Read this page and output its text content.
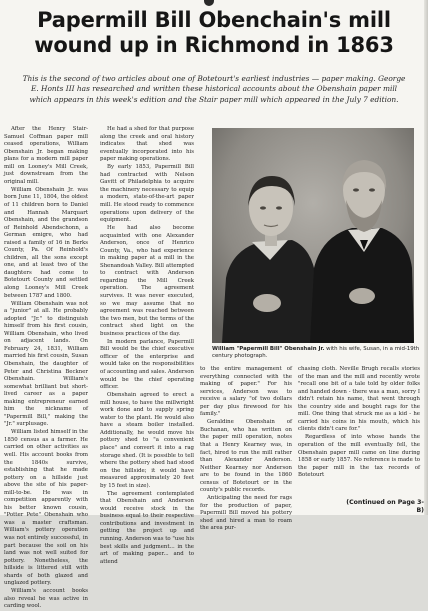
Papermill Bill Obenchain's mill
wound up in Richmond in 1863

This is the second of two articles about one of Botetourt's earliest industries — paper making. George E. Honts III has researched and written these historical accounts about the Obenshain paper mill which appears in this week's edition and the Stair paper mill which appeared in the July 7 edition.

After the Henry Stair-Samuel Coffman paper mill ceased operations, William Obenshain Jr. began making plans for a modern mill paper mill on Looney's Mill Creek, just downstream from the original mill.

William Obenshain Jr. was born June 11, 1804, the oldest of 11 children born to Daniel and Hannah Marquart Obenshain, and the grandson of Reinhold Abendschonn, a German emigre, who had raised a family of 16 in Berks County, Pa. Of Reinhold's children, all the sons except one, and at least two of the daughters had come to Botetourt County and settled along Looney's Mill Creek between 1787 and 1800.

William Obenshain was not a "junior" at all. He probably adopted "Jr." to distinguish himself from his first cousin, William Obenshain, who lived on adjacent lands. On February 24, 1831, William married his first cousin, Susan Obenshain, the daughter of Peter and Christina Beckner Obenshain. William's somewhat brilliant but short-lived career as a paper making entrepreneur earned him the nickname of "Papermill Bill," making the "Jr." surplusage.

William listed himself in the 1850 census as a farmer. He carried on other activities as well. His account books from the 1840s survive, establishing that he made pottery on a hillside just above the site of his paper-mill-to-be. He was in competition apparently with his better known cousin, "Potter Pete" Obenshain who was a master craftsman. William's pottery operation was not entirely successful, in part because the soil on his land was not well suited for pottery. Nonetheless, the hillside is littered still with shards of both glazed and unglazed pottery.

William's account books also reveal he was active in carding wool.

He had a shed for that purpose along the creek and oral history indicates that shed was eventually incorporated into his paper making operations.

By early 1853, Papermill Bill had contracted with Nelson Gavitt of Philadelphia to acquire the machinery necessary to equip a modern, state-of-the-art paper mill. He stood ready to commence operations upon delivery of the equipment.

He had also become acquainted with one Alexander Anderson, once of Henrico County, Va., who had experience in making paper at a mill in the Shenandoah Valley. Bill attempted to contract with Anderson regarding the Mill Creek operation. The agreement survives. It was never executed, so we may assume that no agreement was reached between the two men, but the terms of the contract shed light on the business practices of the day.

In modern parlance, Papermill Bill would be the chief executive officer of the enterprise and would take on the responsibilities of accounting and sales. Anderson would be the chief operating officer.

Obenshain agreed to erect a mill house, to have the millwright work done and to supply spring water to the plant. He would also have a steam boiler installed. Additionally, he would move his pottery shed to "a convenient place" and convert it into a rag storage shed. (It is possible to tell where the pottery shed had stood on the hillside; it would have measured approximately 20 feet by 15 feet in size).

The agreement contemplated that Obenshain and Anderson would receive stock in the business equal to their respective contributions and investment in getting the project up and running. Anderson was to "use his best skills and judgment... in the art of making paper... and to attend

William "Papermill Bill" Obenshain Jr. with his wife, Susan, in a mid-19th century photograph.

to the entire management of everything connected with the making of paper." For his services, Anderson was to receive a salary "of two dollars per day plus firewood for his family."

Geraldine Obenshain of Buchanan, who has written on the paper mill operation, notes that a Henry Kearney was, in fact, hired to run the mill rather than Alexander Anderson. Neither Kearney nor Anderson are to be found in the 1860 census of Botetourt or in the county's public records.

Anticipating the need for rags for the production of paper, Papermill Bill moved his pottery shed and hired a man to roam the area pur-

chasing cloth. Neville Brugh recalls stories of the man and the mill and recently wrote "recall one bit of a tale told by older folks and handed down - there was a man, sorry I didn't retain his name, that went through the country side and bought rags for the mill. One thing that struck me as a kid - he carried his coins in his mouth, which his clients didn't care for."

Regardless of into whose hands the operation of the mill eventually fell, the Obenshain paper mill came on line during 1858 or early 1857. No reference is made to the paper mill in the tax records of Botetourt

(Continued on Page 3-B)
